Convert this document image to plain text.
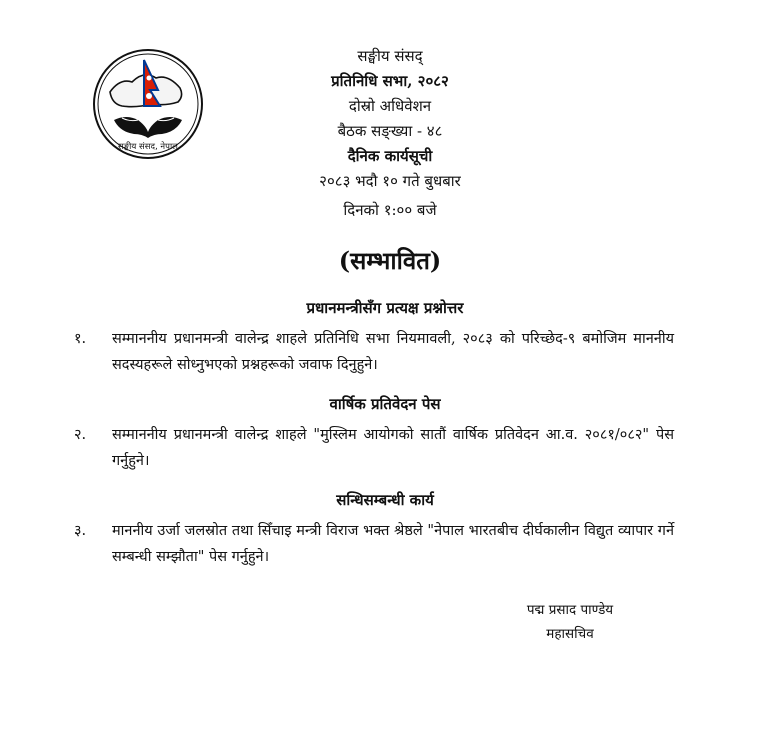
सङ्घीय संसद, नेपाल
सङ्घीय संसद्
प्रतिनिधि सभा, २०८२
दोस्रो अधिवेशन
बैठक सङ्ख्या - ४८
दैनिक कार्यसूची
२०८३ भदौ १० गते बुधबार
दिनको १:०० बजे
(सम्भावित)
प्रधानमन्त्रीसँग प्रत्यक्ष प्रश्नोत्तर
१. सम्माननीय प्रधानमन्त्री वालेन्द्र शाहले प्रतिनिधि सभा नियमावली, २०८३ को परिच्छेद-९ बमोजिम माननीय सदस्यहरूले सोध्नुभएको प्रश्नहरूको जवाफ दिनुहुने।
वार्षिक प्रतिवेदन पेस
२. सम्माननीय प्रधानमन्त्री वालेन्द्र शाहले "मुस्लिम आयोगको सातौं वार्षिक प्रतिवेदन आ.व. २०८१/०८२" पेस गर्नुहुने।
सन्धिसम्बन्धी कार्य
३. माननीय उर्जा जलस्रोत तथा सिँचाइ मन्त्री विराज भक्त श्रेष्ठले "नेपाल भारतबीच दीर्घकालीन विद्युत व्यापार गर्ने सम्बन्धी सम्झौता" पेस गर्नुहुने।
पद्म प्रसाद पाण्डेय
महासचिव
